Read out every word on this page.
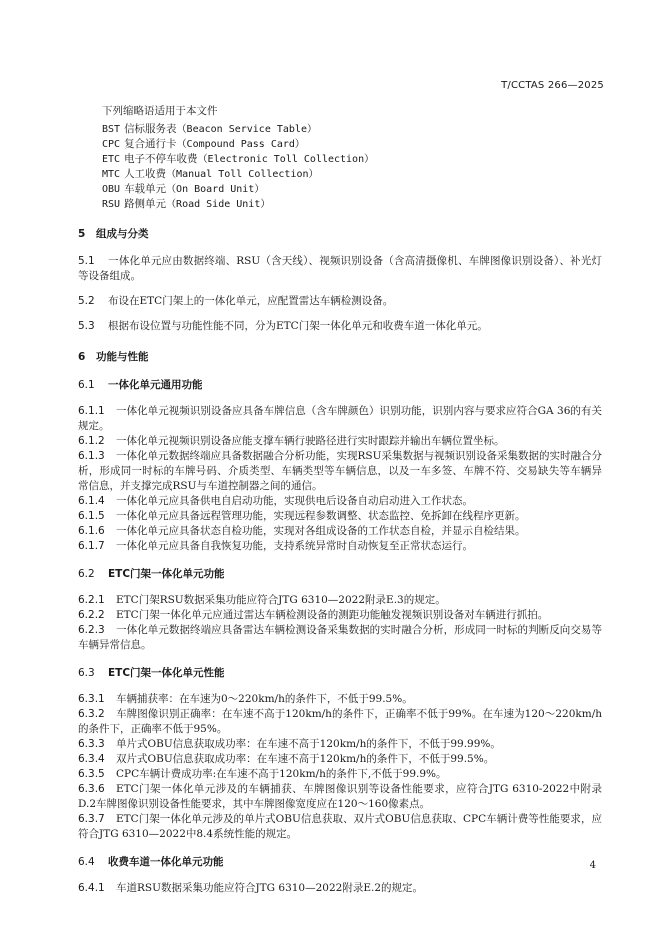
T/CCTAS 266—2025
下列缩略语适用于本文件
BST 信标服务表（Beacon Service Table）
CPC 复合通行卡（Compound Pass Card）
ETC 电子不停车收费（Electronic Toll Collection）
MTC 人工收费（Manual Toll Collection）
OBU 车载单元（On Board Unit）
RSU 路侧单元（Road Side Unit）
5 组成与分类
5.1 一体化单元应由数据终端、RSU（含天线）、视频识别设备（含高清摄像机、车牌图像识别设备）、补光灯等设备组成。
5.2 布设在ETC门架上的一体化单元，应配置雷达车辆检测设备。
5.3 根据布设位置与功能性能不同，分为ETC门架一体化单元和收费车道一体化单元。
6 功能与性能
6.1 一体化单元通用功能
6.1.1 一体化单元视频识别设备应具备车牌信息（含车牌颜色）识别功能，识别内容与要求应符合GA 36的有关规定。
6.1.2 一体化单元视频识别设备应能支撑车辆行驶路径进行实时跟踪并输出车辆位置坐标。
6.1.3 一体化单元数据终端应具备数据融合分析功能，实现RSU采集数据与视频识别设备采集数据的实时融合分析，形成同一时标的车牌号码、介质类型、车辆类型等车辆信息，以及一车多签、车牌不符、交易缺失等车辆异常信息，并支撑完成RSU与车道控制器之间的通信。
6.1.4 一体化单元应具备供电自启动功能，实现供电后设备自动启动进入工作状态。
6.1.5 一体化单元应具备远程管理功能，实现远程参数调整、状态监控、免拆卸在线程序更新。
6.1.6 一体化单元应具备状态自检功能，实现对各组成设备的工作状态自检，并显示自检结果。
6.1.7 一体化单元应具备自我恢复功能，支持系统异常时自动恢复至正常状态运行。
6.2 ETC门架一体化单元功能
6.2.1 ETC门架RSU数据采集功能应符合JTG 6310—2022附录E.3的规定。
6.2.2 ETC门架一体化单元应通过雷达车辆检测设备的测距功能触发视频识别设备对车辆进行抓拍。
6.2.3 一体化单元数据终端应具备雷达车辆检测设备采集数据的实时融合分析，形成同一时标的判断反向交易等车辆异常信息。
6.3 ETC门架一体化单元性能
6.3.1 车辆捕获率：在车速为0～220km/h的条件下，不低于99.5%。
6.3.2 车牌图像识别正确率：在车速不高于120km/h的条件下，正确率不低于99%。在车速为120～220km/h的条件下，正确率不低于95%。
6.3.3 单片式OBU信息获取成功率：在车速不高于120km/h的条件下，不低于99.99%。
6.3.4 双片式OBU信息获取成功率：在车速不高于120km/h的条件下，不低于99.5%。
6.3.5 CPC车辆计费成功率:在车速不高于120km/h的条件下,不低于99.9%。
6.3.6 ETC门架一体化单元涉及的车辆捕获、车牌图像识别等设备性能要求，应符合JTG 6310-2022中附录D.2车牌图像识别设备性能要求，其中车牌图像宽度应在120～160像素点。
6.3.7 ETC门架一体化单元涉及的单片式OBU信息获取、双片式OBU信息获取、CPC车辆计费等性能要求，应符合JTG 6310—2022中8.4系统性能的规定。
6.4 收费车道一体化单元功能
6.4.1 车道RSU数据采集功能应符合JTG 6310—2022附录E.2的规定。
4
